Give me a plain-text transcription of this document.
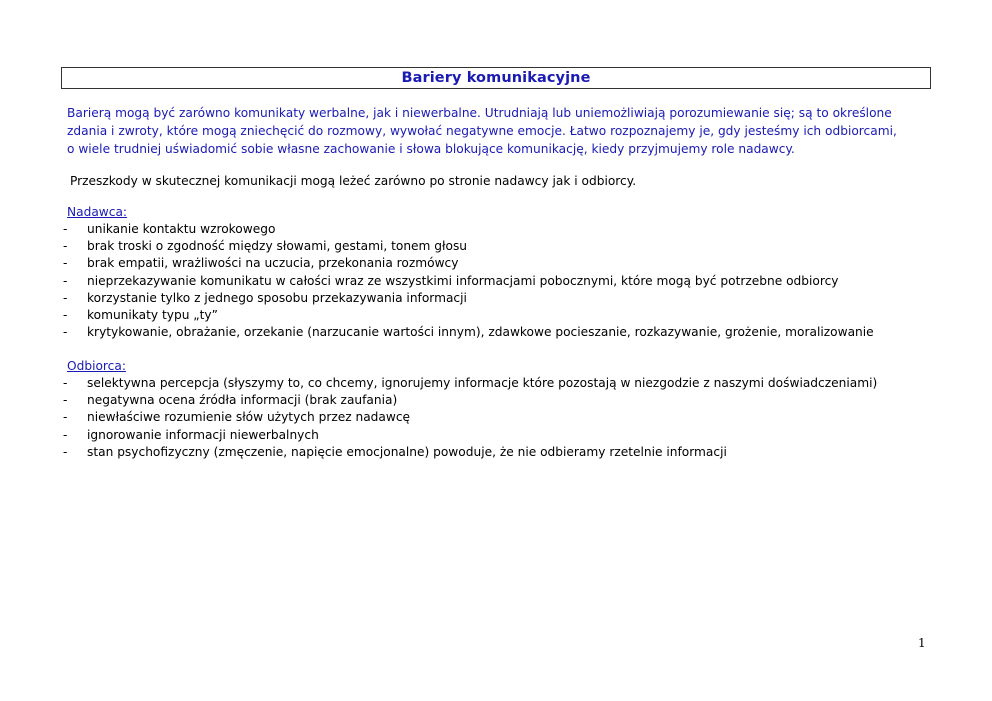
Bariery komunikacyjne

Barierą mogą być zarówno komunikaty werbalne, jak i niewerbalne. Utrudniają lub uniemożliwiają porozumiewanie się; są to określone
zdania i zwroty, które mogą zniechęcić do rozmowy, wywołać negatywne emocje. Łatwo rozpoznajemy je, gdy jesteśmy ich odbiorcami,
o wiele trudniej uświadomić sobie własne zachowanie i słowa blokujące komunikację, kiedy przyjmujemy role nadawcy.

Przeszkody w skutecznej komunikacji mogą leżeć zarówno po stronie nadawcy jak i odbiorcy.

Nadawca:
-	unikanie kontaktu wzrokowego
-	brak troski o zgodność między słowami, gestami, tonem głosu
-	brak empatii, wrażliwości na uczucia, przekonania rozmówcy
-	nieprzekazywanie komunikatu w całości wraz ze wszystkimi informacjami pobocznymi, które mogą być potrzebne odbiorcy
-	korzystanie tylko z jednego sposobu przekazywania informacji
-	komunikaty typu „ty”
-	krytykowanie, obrażanie, orzekanie (narzucanie wartości innym), zdawkowe pocieszanie, rozkazywanie, grożenie, moralizowanie
Odbiorca:
-	selektywna percepcja (słyszymy to, co chcemy, ignorujemy informacje które pozostają w niezgodzie z naszymi doświadczeniami)
-	negatywna ocena źródła informacji (brak zaufania)
-	niewłaściwe rozumienie słów użytych przez nadawcę
-	ignorowanie informacji niewerbalnych
-	stan psychofizyczny (zmęczenie, napięcie emocjonalne) powoduje, że nie odbieramy rzetelnie informacji
1
